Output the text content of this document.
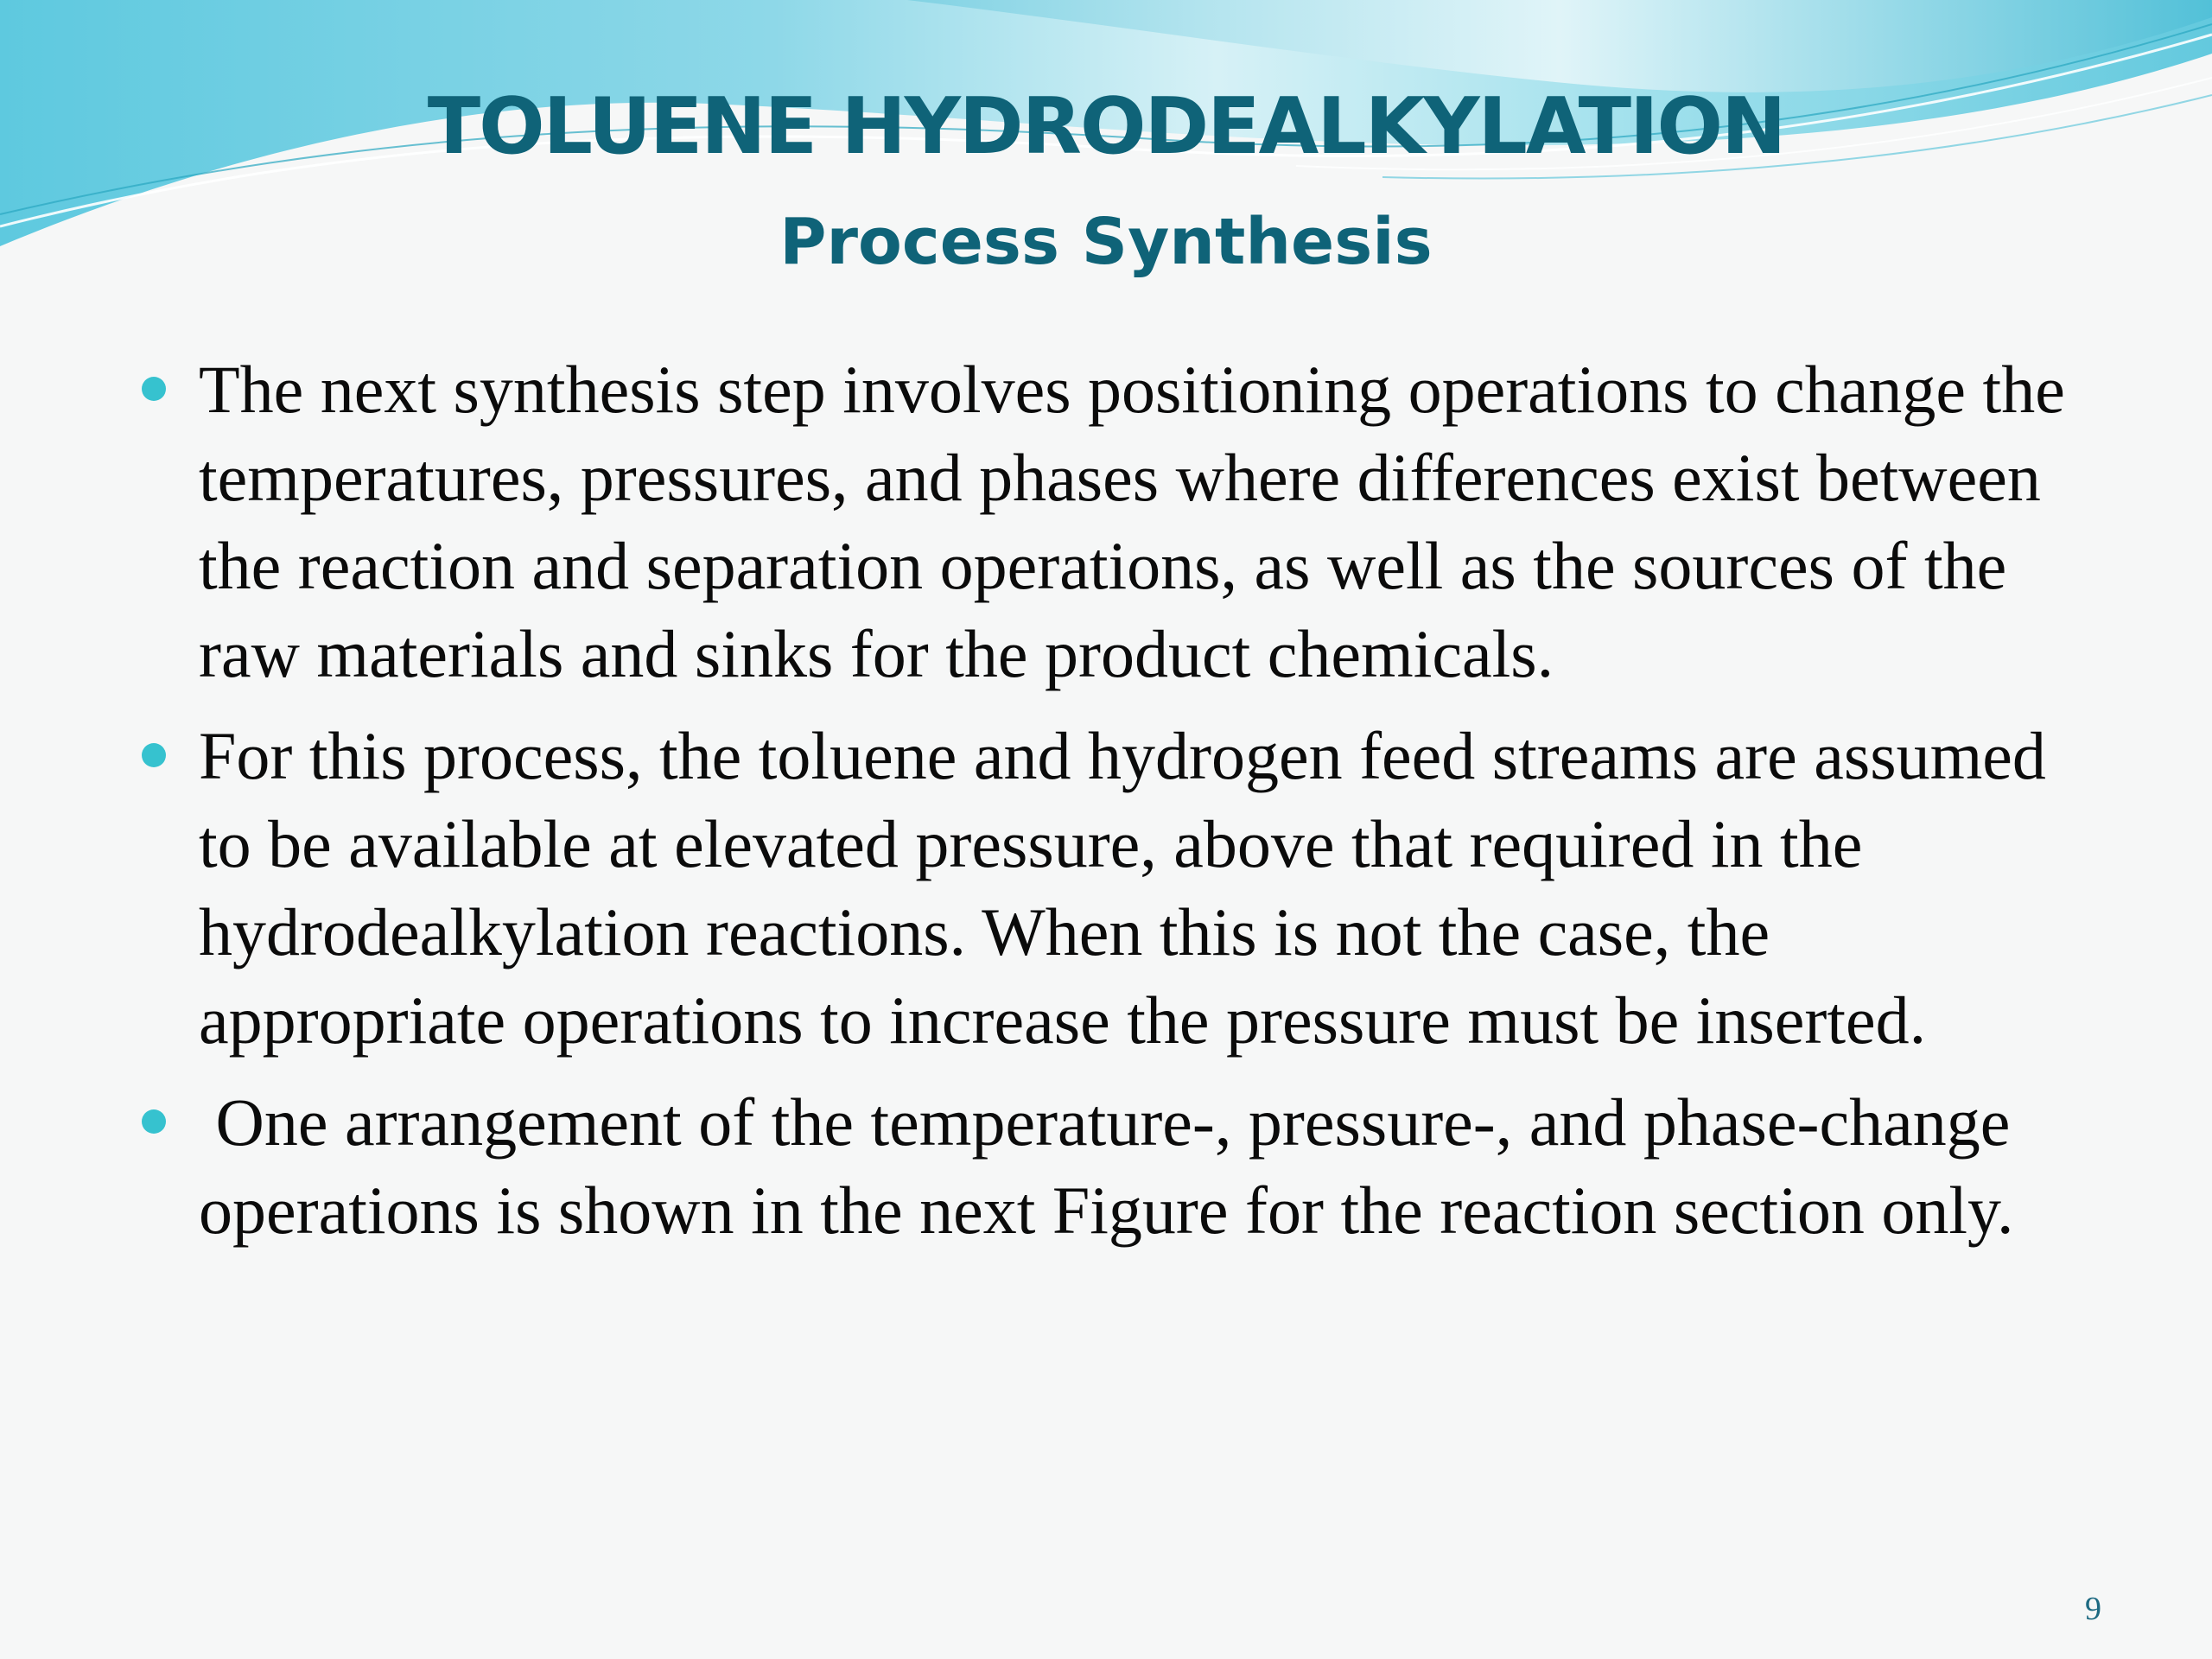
TOLUENE HYDRODEALKYLATION
Process Synthesis
The next synthesis step involves positioning operations to change the temperatures, pressures, and phases where differences exist between the reaction and separation operations, as well as the sources of the raw materials and sinks for the product chemicals.
For this process, the toluene and hydrogen feed streams are assumed to be available at elevated pressure, above that required in the hydrodealkylation reactions. When this is not the case, the appropriate operations to increase the pressure must be inserted.
One arrangement of the temperature-, pressure-, and phase-change operations is shown in the next Figure for the reaction section only.
9
